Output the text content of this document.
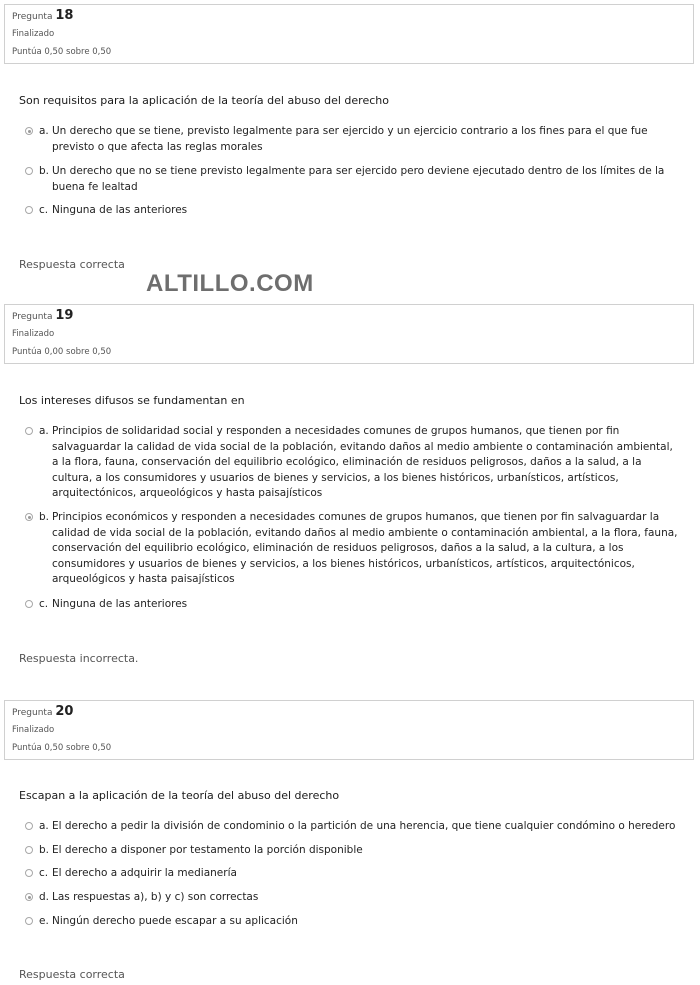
Pregunta 18
Finalizado
Puntúa 0,50 sobre 0,50
Son requisitos para la aplicación de la teoría del abuso del derecho
a. Un derecho que se tiene, previsto legalmente para ser ejercido y un ejercicio contrario a los fines para el que fue previsto o que afecta las reglas morales
b. Un derecho que no se tiene previsto legalmente para ser ejercido pero deviene ejecutado dentro de los límites de la buena fe lealtad
c. Ninguna de las anteriores
Respuesta correcta
ALTILLO.COM
Pregunta 19
Finalizado
Puntúa 0,00 sobre 0,50
Los intereses difusos se fundamentan en
a. Principios de solidaridad social y responden a necesidades comunes de grupos humanos, que tienen por fin salvaguardar la calidad de vida social de la población, evitando daños al medio ambiente o contaminación ambiental, a la flora, fauna, conservación del equilibrio ecológico, eliminación de residuos peligrosos, daños a la salud, a la cultura, a los consumidores y usuarios de bienes y servicios, a los bienes históricos, urbanísticos, artísticos, arquitectónicos, arqueológicos y hasta paisajísticos
b. Principios económicos y responden a necesidades comunes de grupos humanos, que tienen por fin salvaguardar la calidad de vida social de la población, evitando daños al medio ambiente o contaminación ambiental, a la flora, fauna, conservación del equilibrio ecológico, eliminación de residuos peligrosos, daños a la salud, a la cultura, a los consumidores y usuarios de bienes y servicios, a los bienes históricos, urbanísticos, artísticos, arquitectónicos, arqueológicos y hasta paisajísticos
c. Ninguna de las anteriores
Respuesta incorrecta.
Pregunta 20
Finalizado
Puntúa 0,50 sobre 0,50
Escapan a la aplicación de la teoría del abuso del derecho
a. El derecho a pedir la división de condominio o la partición de una herencia, que tiene cualquier condómino o heredero
b. El derecho a disponer por testamento la porción disponible
c. El derecho a adquirir la medianería
d. Las respuestas a), b) y c) son correctas
e. Ningún derecho puede escapar a su aplicación
Respuesta correcta
